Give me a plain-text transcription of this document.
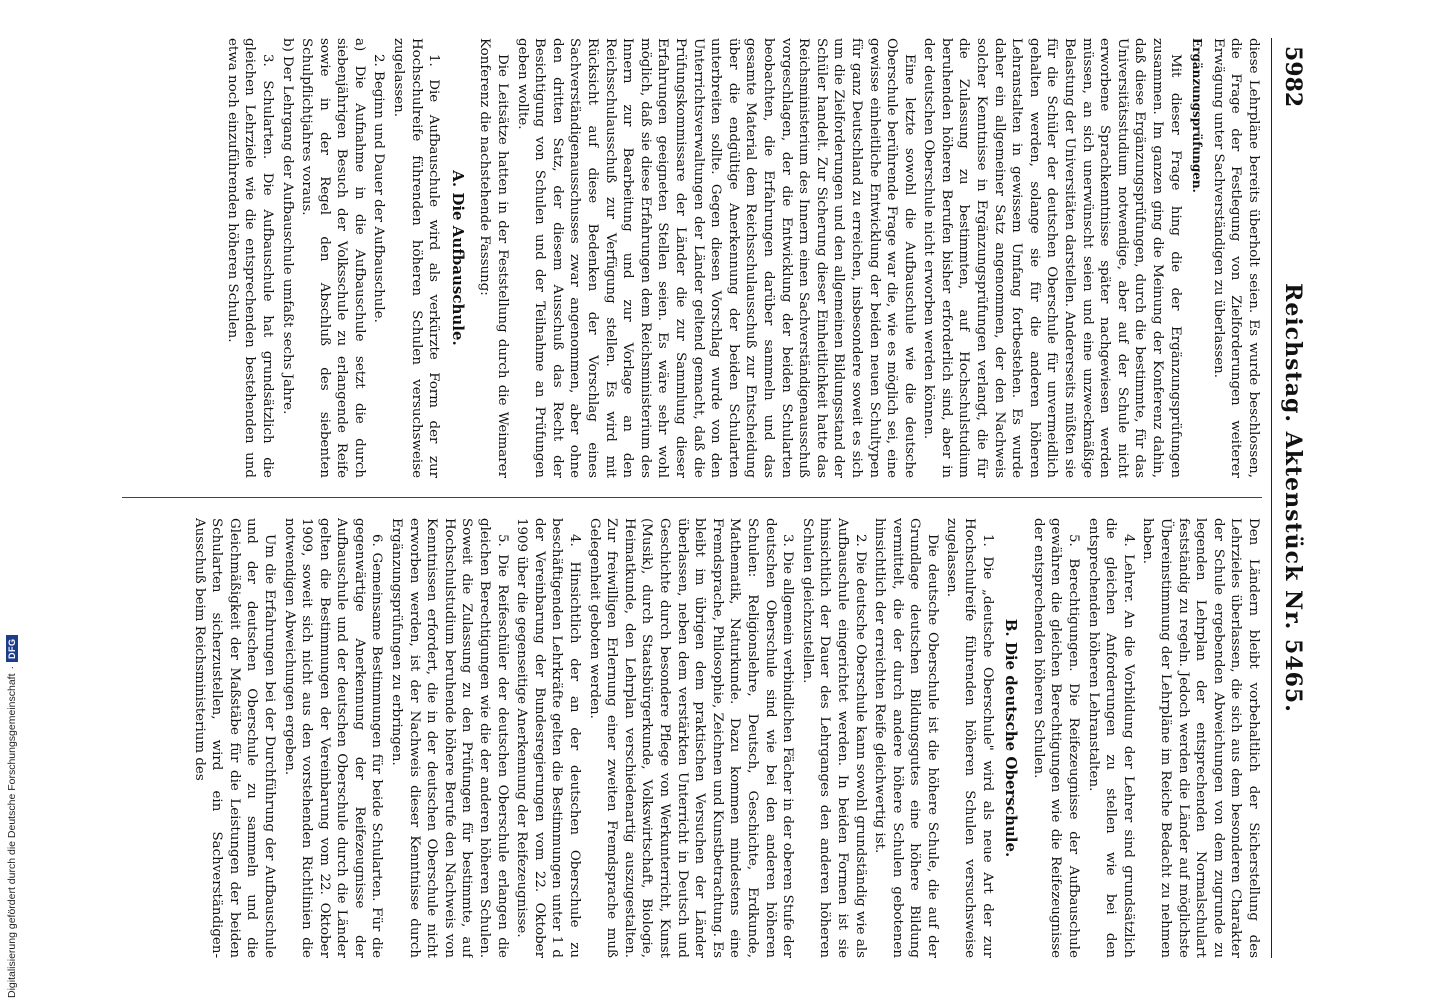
5982
Reichstag. Aktenstück Nr. 5465.

diese Lehrpläne bereits überholt seien. Es wurde beschlossen, die Frage der Festlegung von Zielforderungen weiterer Erwägung unter Sachverständigen zu überlassen.

Ergänzungsprüfungen.

Mit dieser Frage hing die der Ergänzungsprüfungen zusammen. Im ganzen ging die Meinung der Konferenz dahin, daß diese Ergänzungsprüfungen, durch die bestimmte, für das Universitätsstudium notwendige, aber auf der Schule nicht erworbene Sprachkenntnisse später nachgewiesen werden müssen, an sich unerwünscht seien und eine unzweckmäßige Belastung der Universitäten darstellen. Andererseits müßten sie für die Schüler der deutschen Oberschule für unvermeidlich gehalten werden, solange sie für die anderen höheren Lehranstalten in gewissem Umfang fortbestehen. Es wurde daher ein allgemeiner Satz angenommen, der den Nachweis solcher Kenntnisse in Ergänzungsprüfungen verlangt, die für die Zulassung zu bestimmten, auf Hochschulstudium beruhenden höheren Berufen bisher erforderlich sind, aber in der deutschen Oberschule nicht erworben werden können.

Eine letzte sowohl die Aufbauschule wie die deutsche Oberschule berührende Frage war die, wie es möglich sei, eine gewisse einheitliche Entwicklung der beiden neuen Schultypen für ganz Deutschland zu erreichen, insbesondere soweit es sich um die Zielforderungen und den allgemeinen Bildungsstand der Schüler handelt. Zur Sicherung dieser Einheitlichkeit hatte das Reichsministerium des Innern einen Sachverständigenausschuß vorgeschlagen, der die Entwicklung der beiden Schularten beobachten, die Erfahrungen darüber sammeln und das gesamte Material dem Reichsschulausschuß zur Entscheidung über die endgültige Anerkennung der beiden Schularten unterbreiten sollte. Gegen diesen Vorschlag wurde von den Unterrichtsverwaltungen der Länder geltend gemacht, daß die Prüfungskommissare der Länder die zur Sammlung dieser Erfahrungen geeigneten Stellen seien. Es wäre sehr wohl möglich, daß sie diese Erfahrungen dem Reichsministerium des Innern zur Bearbeitung und zur Vorlage an den Reichsschulausschuß zur Verfügung stellen. Es wird mit Rücksicht auf diese Bedenken der Vorschlag eines Sachverständigenausschusses zwar angenommen, aber ohne den dritten Satz, der diesem Ausschuß das Recht der Besichtigung von Schulen und der Teilnahme an Prüfungen geben wollte.

Die Leitsätze hatten in der Feststellung durch die Weimarer Konferenz die nachstehende Fassung:

A. Die Aufbauschule.

1. Die Aufbauschule wird als verkürzte Form der zur Hochschulreife führenden höheren Schulen versuchsweise zugelassen.

2. Beginn und Dauer der Aufbauschule.

a) Die Aufnahme in die Aufbauschule setzt die durch siebenjährigen Besuch der Volksschule zu erlangende Reife sowie in der Regel den Abschluß des siebenten Schulpflichtjahres voraus.

b) Der Lehrgang der Aufbauschule umfaßt sechs Jahre.

3. Schularten. Die Aufbauschule hat grundsätzlich die gleichen Lehrziele wie die entsprechenden bestehenden und etwa noch einzuführenden höheren Schulen.

Den Ländern bleibt vorbehaltlich der Sicherstellung des Lehrzieles überlassen, die sich aus dem besonderen Charakter der Schule ergebenden Abweichungen von dem zugrunde zu legenden Lehrplan der entsprechenden Normalschulart festständig zu regeln. Jedoch werden die Länder auf möglichste Übereinstimmung der Lehrpläne im Reiche Bedacht zu nehmen haben.

4. Lehrer. An die Vorbildung der Lehrer sind grundsätzlich die gleichen Anforderungen zu stellen wie bei den entsprechenden höheren Lehranstalten.

5. Berechtigungen. Die Reifezeugnisse der Aufbauschule gewähren die gleichen Berechtigungen wie die Reifezeugnisse der entsprechenden höheren Schulen.

B. Die deutsche Oberschule.

1. Die „deutsche Oberschule" wird als neue Art der zur Hochschulreife führenden höheren Schulen versuchsweise zugelassen.

Die deutsche Oberschule ist die höhere Schule, die auf der Grundlage deutschen Bildungsgutes eine höhere Bildung vermittelt, die der durch andere höhere Schulen gebotenen hinsichtlich der erreichten Reife gleichwertig ist.

2. Die deutsche Oberschule kann sowohl grundständig wie als Aufbauschule eingerichtet werden. In beiden Formen ist sie hinsichtlich der Dauer des Lehrganges den anderen höheren Schulen gleichzustellen.

3. Die allgemein verbindlichen Fächer in der oberen Stufe der deutschen Oberschule sind wie bei den anderen höheren Schulen: Religionslehre, Deutsch, Geschichte, Erdkunde, Mathematik, Naturkunde. Dazu kommen mindestens eine Fremdsprache, Philosophie, Zeichnen und Kunstbetrachtung. Es bleibt im übrigen dem praktischen Versuchen der Länder überlassen, neben dem verstärkten Unterricht in Deutsch und Geschichte durch besondere Pflege von Werkunterricht, Kunst (Musik), durch Staatsbürgerkunde, Volkswirtschaft, Biologie, Heimatkunde, den Lehrplan verschiedenartig auszugestalten. Zur freiwilligen Erlernung einer zweiten Fremdsprache muß Gelegenheit geboten werden.

4. Hinsichtlich der an der deutschen Oberschule zu beschäftigenden Lehrkräfte gelten die Bestimmungen unter 1 d der Vereinbarung der Bundesregierungen vom 22. Oktober 1909 über die gegenseitige Anerkennung der Reifezeugnisse.

5. Die Reifeschüler der deutschen Oberschule erlangen die gleichen Berechtigungen wie die der anderen höheren Schulen. Soweit die Zulassung zu den Prüfungen für bestimmte, auf Hochschulstudium beruhende höhere Berufe den Nachweis von Kenntnissen erfordert, die in der deutschen Oberschule nicht erworben werden, ist der Nachweis dieser Kenntnisse durch Ergänzungsprüfungen zu erbringen.

6. Gemeinsame Bestimmungen für beide Schularten. Für die gegenwärtige Anerkennung der Reifezeugnisse der Aufbauschule und der deutschen Oberschule durch die Länder gelten die Bestimmungen der Vereinbarung vom 22. Oktober 1909, soweit sich nicht aus den vorstehenden Richtlinien die notwendigen Abweichungen ergeben.

Um die Erfahrungen bei der Durchführung der Aufbauschule und der deutschen Oberschule zu sammeln und die Gleichmäßigkeit der Maßstäbe für die Leistungen der beiden Schularten sicherzustellen, wird ein Sachverständigen-Ausschuß beim Reichsministerium des

Digitalisierung gefördert durch die Deutsche Forschungsgemeinschaft
·
DFG
